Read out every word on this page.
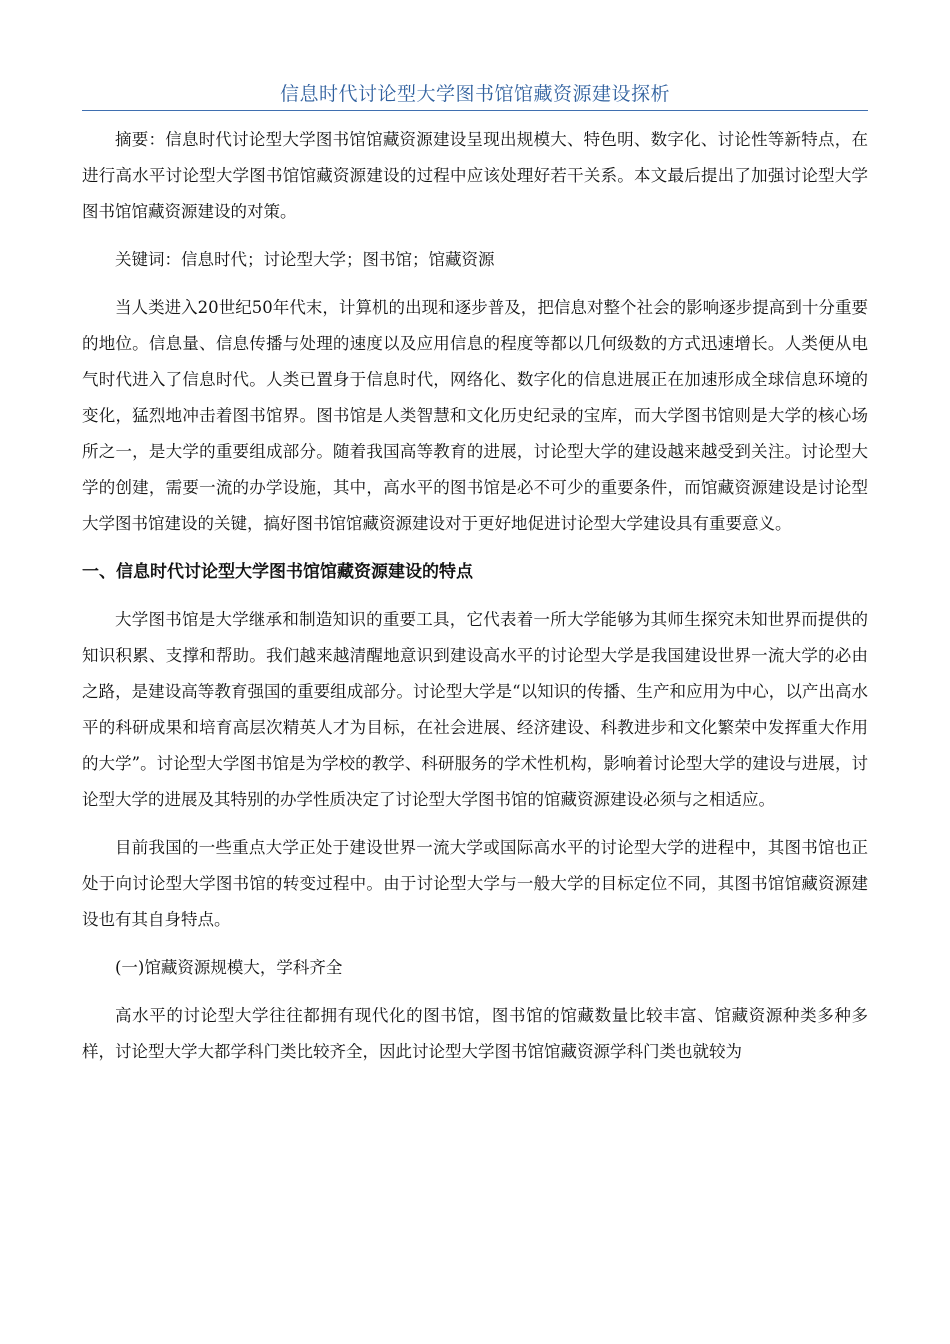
信息时代讨论型大学图书馆馆藏资源建设探析

摘要：信息时代讨论型大学图书馆馆藏资源建设呈现出规模大、特色明、数字化、讨论性等新特点，在进行高水平讨论型大学图书馆馆藏资源建设的过程中应该处理好若干关系。本文最后提出了加强讨论型大学图书馆馆藏资源建设的对策。

关键词：信息时代；讨论型大学；图书馆；馆藏资源

当人类进入20世纪50年代末，计算机的出现和逐步普及，把信息对整个社会的影响逐步提高到十分重要的地位。信息量、信息传播与处理的速度以及应用信息的程度等都以几何级数的方式迅速增长。人类便从电气时代进入了信息时代。人类已置身于信息时代，网络化、数字化的信息进展正在加速形成全球信息环境的变化，猛烈地冲击着图书馆界。图书馆是人类智慧和文化历史纪录的宝库，而大学图书馆则是大学的核心场所之一，是大学的重要组成部分。随着我国高等教育的进展，讨论型大学的建设越来越受到关注。讨论型大学的创建，需要一流的办学设施，其中，高水平的图书馆是必不可少的重要条件，而馆藏资源建设是讨论型大学图书馆建设的关键，搞好图书馆馆藏资源建设对于更好地促进讨论型大学建设具有重要意义。

一、信息时代讨论型大学图书馆馆藏资源建设的特点

大学图书馆是大学继承和制造知识的重要工具，它代表着一所大学能够为其师生探究未知世界而提供的知识积累、支撑和帮助。我们越来越清醒地意识到建设高水平的讨论型大学是我国建设世界一流大学的必由之路，是建设高等教育强国的重要组成部分。讨论型大学是“以知识的传播、生产和应用为中心，以产出高水平的科研成果和培育高层次精英人才为目标，在社会进展、经济建设、科教进步和文化繁荣中发挥重大作用的大学”。讨论型大学图书馆是为学校的教学、科研服务的学术性机构，影响着讨论型大学的建设与进展，讨论型大学的进展及其特别的办学性质决定了讨论型大学图书馆的馆藏资源建设必须与之相适应。

目前我国的一些重点大学正处于建设世界一流大学或国际高水平的讨论型大学的进程中，其图书馆也正处于向讨论型大学图书馆的转变过程中。由于讨论型大学与一般大学的目标定位不同，其图书馆馆藏资源建设也有其自身特点。

(一)馆藏资源规模大，学科齐全

高水平的讨论型大学往往都拥有现代化的图书馆，图书馆的馆藏数量比较丰富、馆藏资源种类多种多样，讨论型大学大都学科门类比较齐全，因此讨论型大学图书馆馆藏资源学科门类也就较为
